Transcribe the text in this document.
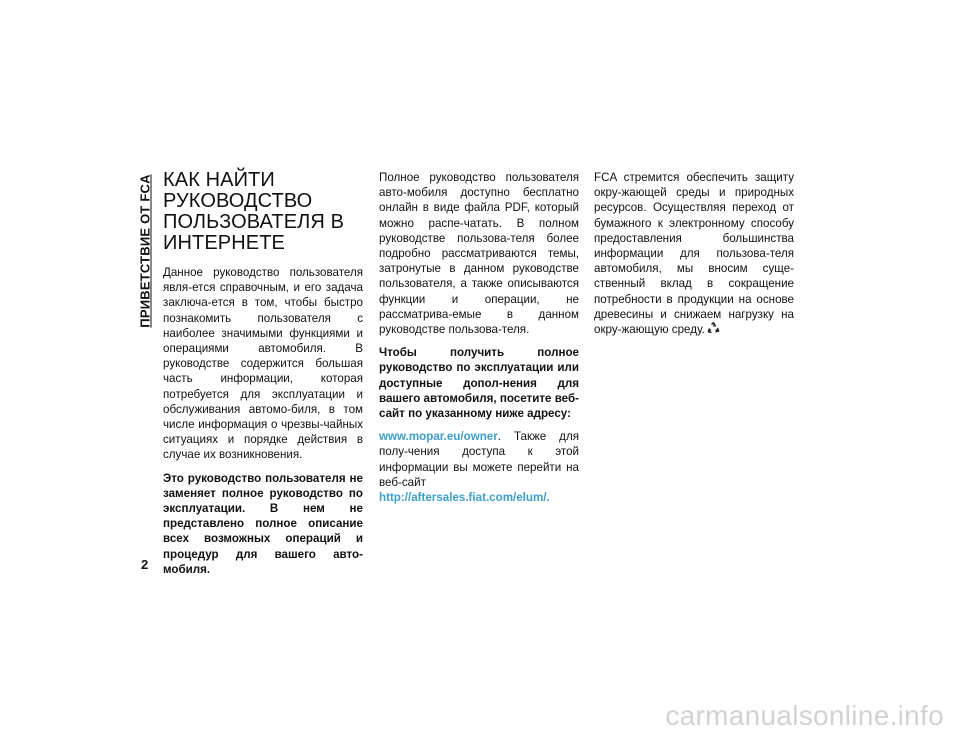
ПРИВЕТСТВИЕ ОТ FCA
2
КАК НАЙТИ РУКОВОДСТВО ПОЛЬЗОВАТЕЛЯ В ИНТЕРНЕТЕ

Данное руководство пользователя явля-ется справочным, и его задача заключа-ется в том, чтобы быстро познакомить пользователя с наиболее значимыми функциями и операциями автомобиля. В руководстве содержится большая часть информации, которая потребуется для эксплуатации и обслуживания автомо-биля, в том числе информация о чрезвы-чайных ситуациях и порядке действия в случае их возникновения.

Это руководство пользователя не заменяет полное руководство по эксплуатации. В нем не представлено полное описание всех возможных операций и процедур для вашего авто-мобиля.

Полное руководство пользователя авто-мобиля доступно бесплатно онлайн в виде файла PDF, который можно распе-чатать. В полном руководстве пользова-теля более подробно рассматриваются темы, затронутые в данном руководстве пользователя, а также описываются функции и операции, не рассматрива-емые в данном руководстве пользова-теля.

Чтобы получить полное руководство по эксплуатации или доступные допол-нения для вашего автомобиля, посетите веб-сайт по указанному ниже адресу:

www.mopar.eu/owner. Также для полу-чения доступа к этой информации вы можете перейти на веб-сайт http://aftersales.fiat.com/elum/.

FCA стремится обеспечить защиту окру-жающей среды и природных ресурсов. Осуществляя переход от бумажного к электронному способу предоставления большинства информации для пользова-теля автомобиля, мы вносим суще-ственный вклад в сокращение потребности в продукции на основе древесины и снижаем нагрузку на окру-жающую среду.

carmanualsonline.info
